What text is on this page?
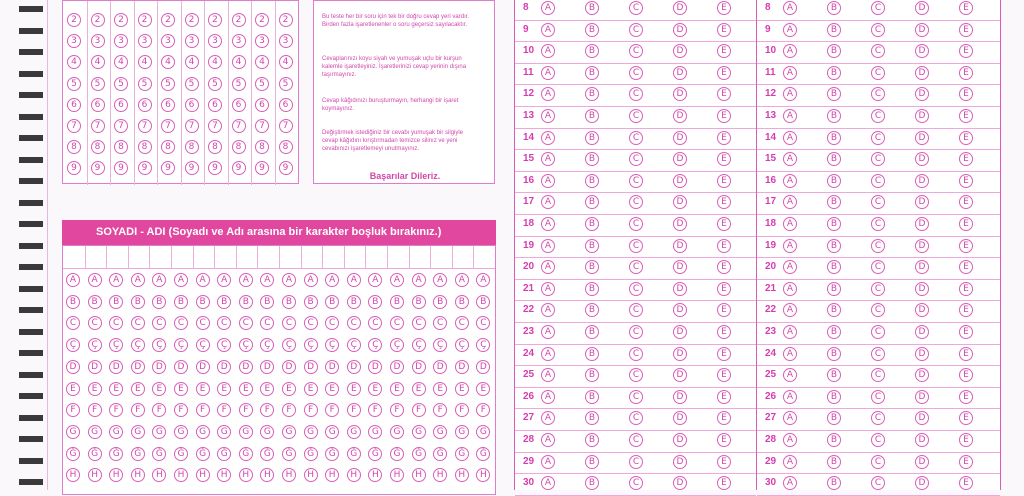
2	2	2	2	2	2	2	2	2	2
3	3	3	3	3	3	3	3	3	3
4	4	4	4	4	4	4	4	4	4
5	5	5	5	5	5	5	5	5	5
6	6	6	6	6	6	6	6	6	6
7	7	7	7	7	7	7	7	7	7
8	8	8	8	8	8	8	8	8	8
9	9	9	9	9	9	9	9	9	9
Bu teste her bir soru için tek bir doğru cevap yeri vardır. Birden fazla işaretlenenler o soru geçersiz sayılacaktır.
Cevaplarınızı koyu siyah ve yumuşak uçlu bir kurşun kalemle işaretleyiniz. İşaretlerinizi cevap yerinin dışına taşırmayınız.
Cevap kâğıdınızı buruşturmayın, herhangi bir işaret koymayınız.
Değiştirmek istediğiniz bir cevabı yumuşak bir silgiyle cevap kâğıdını kırıştırmadan temizce silinız ve yeni cevabınızı işaretlemeyi unutmayınız.
Başarılar Dileriz.
SOYADI - ADI (Soyadı ve Adı arasına bir karakter boşluk bırakınız.)
A	A	A	A	A	A	A	A	A	A	A	A	A	A	A	A	A	A	A	A
B	B	B	B	B	B	B	B	B	B	B	B	B	B	B	B	B	B	B	B
C	C	C	C	C	C	C	C	C	C	C	C	C	C	C	C	C	C	C	C
Ç	Ç	Ç	Ç	Ç	Ç	Ç	Ç	Ç	Ç	Ç	Ç	Ç	Ç	Ç	Ç	Ç	Ç	Ç	Ç
D	D	D	D	D	D	D	D	D	D	D	D	D	D	D	D	D	D	D	D
E	E	E	E	E	E	E	E	E	E	E	E	E	E	E	E	E	E	E	E
F	F	F	F	F	F	F	F	F	F	F	F	F	F	F	F	F	F	F	F
G	G	G	G	G	G	G	G	G	G	G	G	G	G	G	G	G	G	G	G
Ğ	Ğ	Ğ	Ğ	Ğ	Ğ	Ğ	Ğ	Ğ	Ğ	Ğ	Ğ	Ğ	Ğ	Ğ	Ğ	Ğ	Ğ	Ğ	Ğ
H	H	H	H	H	H	H	H	H	H	H	H	H	H	H	H	H	H	H	H
8	A	B	C	D	E
9	A	B	C	D	E
10	A	B	C	D	E
11	A	B	C	D	E
12	A	B	C	D	E
13	A	B	C	D	E
14	A	B	C	D	E
15	A	B	C	D	E
16	A	B	C	D	E
17	A	B	C	D	E
18	A	B	C	D	E
19	A	B	C	D	E
20	A	B	C	D	E
21	A	B	C	D	E
22	A	B	C	D	E
23	A	B	C	D	E
24	A	B	C	D	E
25	A	B	C	D	E
26	A	B	C	D	E
27	A	B	C	D	E
28	A	B	C	D	E
29	A	B	C	D	E
30	A	B	C	D	E
8	A	B	C	D	E
9	A	B	C	D	E
10	A	B	C	D	E
11	A	B	C	D	E
12	A	B	C	D	E
13	A	B	C	D	E
14	A	B	C	D	E
15	A	B	C	D	E
16	A	B	C	D	E
17	A	B	C	D	E
18	A	B	C	D	E
19	A	B	C	D	E
20	A	B	C	D	E
21	A	B	C	D	E
22	A	B	C	D	E
23	A	B	C	D	E
24	A	B	C	D	E
25	A	B	C	D	E
26	A	B	C	D	E
27	A	B	C	D	E
28	A	B	C	D	E
29	A	B	C	D	E
30	A	B	C	D	E
